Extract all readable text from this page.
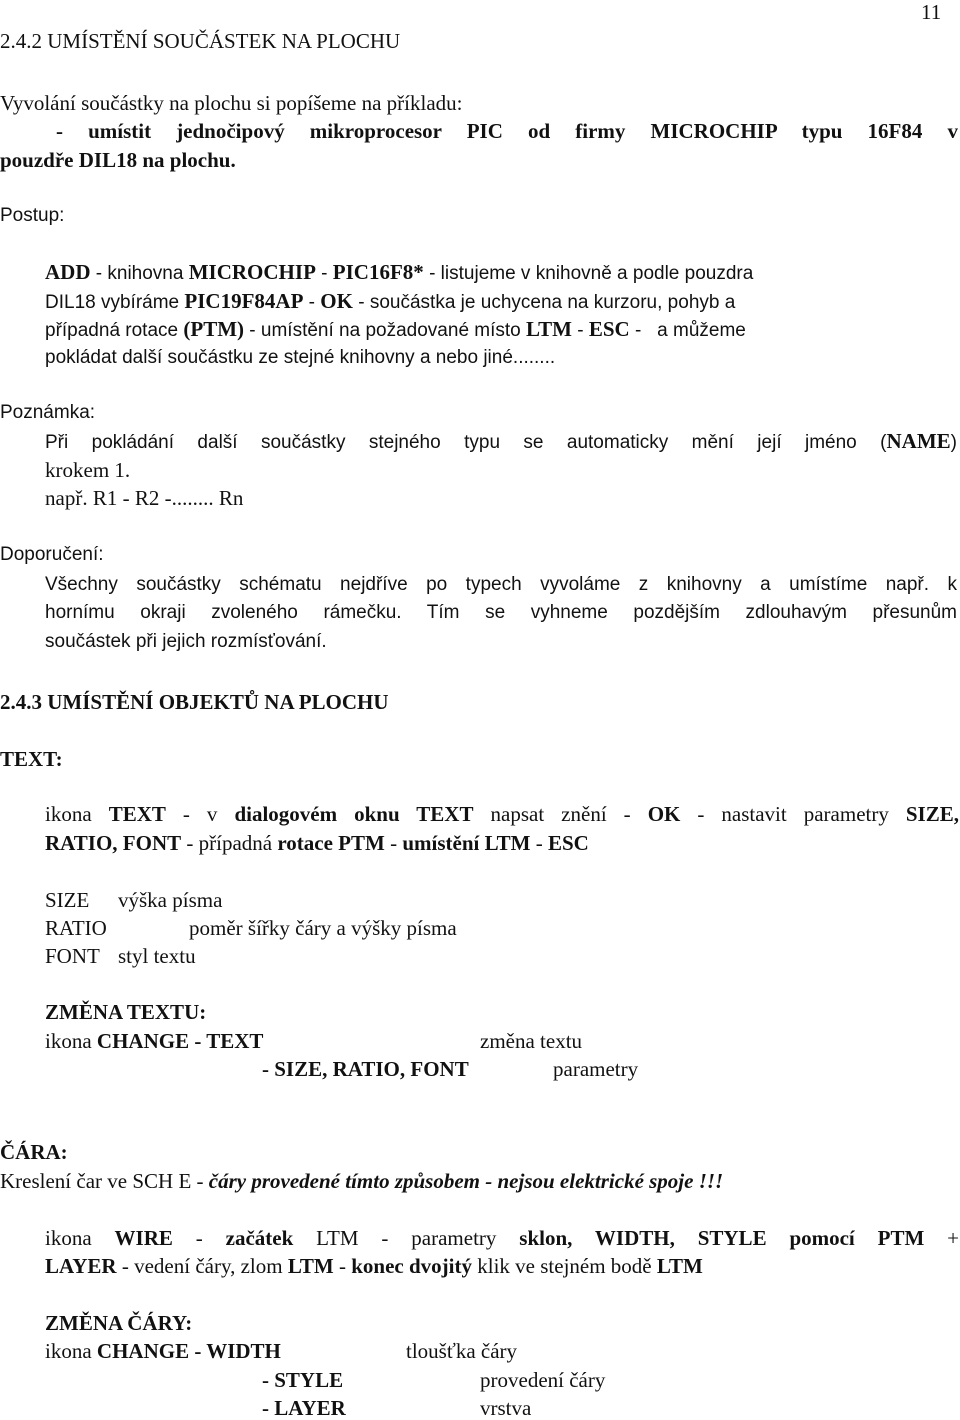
11
2.4.2 UMÍSTĚNÍ SOUČÁSTEK NA PLOCHU
Vyvolání součástky na plochu si popíšeme na příkladu:
- umístit jednočipový mikroprocesor PIC od firmy MICROCHIP typu 16F84 v
pouzdře DIL18 na plochu.
Postup:
ADD - knihovna MICROCHIP - PIC16F8* - listujeme v knihovně a podle pouzdra
DIL18 vybíráme PIC19F84AP - OK - součástka je uchycena na kurzoru, pohyb a
případná rotace (PTM) - umístění na požadované místo LTM - ESC -   a můžeme
pokládat další součástku ze stejné knihovny a nebo jiné........
Poznámka:
Při pokládání další součástky stejného typu se automaticky mění její jméno (NAME)
krokem 1.
např. R1 - R2 -........ Rn
Doporučení:
Všechny součástky schématu nejdříve po typech vyvoláme z knihovny a umístíme např. k
hornímu okraji zvoleného rámečku. Tím se vyhneme pozdějším zdlouhavým přesunům
součástek při jejich rozmísťování.
2.4.3 UMÍSTĚNÍ OBJEKTŮ NA PLOCHU
TEXT:
ikona TEXT - v dialogovém oknu TEXT napsat znění - OK - nastavit parametry SIZE,
RATIO, FONT - případná rotace PTM - umístění LTM - ESC
SIZE výška písma
RATIO	poměr šířky čáry a výšky písma
FONT styl textu
ZMĚNA TEXTU:
ikona CHANGE - TEXT	změna textu
- SIZE, RATIO, FONT	parametry
ČÁRA:
Kreslení čar ve SCH E - čáry provedené tímto způsobem - nejsou elektrické spoje !!!
ikona WIRE - začátek LTM - parametry sklon, WIDTH, STYLE pomocí PTM +
LAYER - vedení čáry, zlom LTM - konec dvojitý klik ve stejném bodě LTM
ZMĚNA ČÁRY:
ikona CHANGE - WIDTH	tloušťka čáry
- STYLE	provedení čáry
- LAYER	vrstva
